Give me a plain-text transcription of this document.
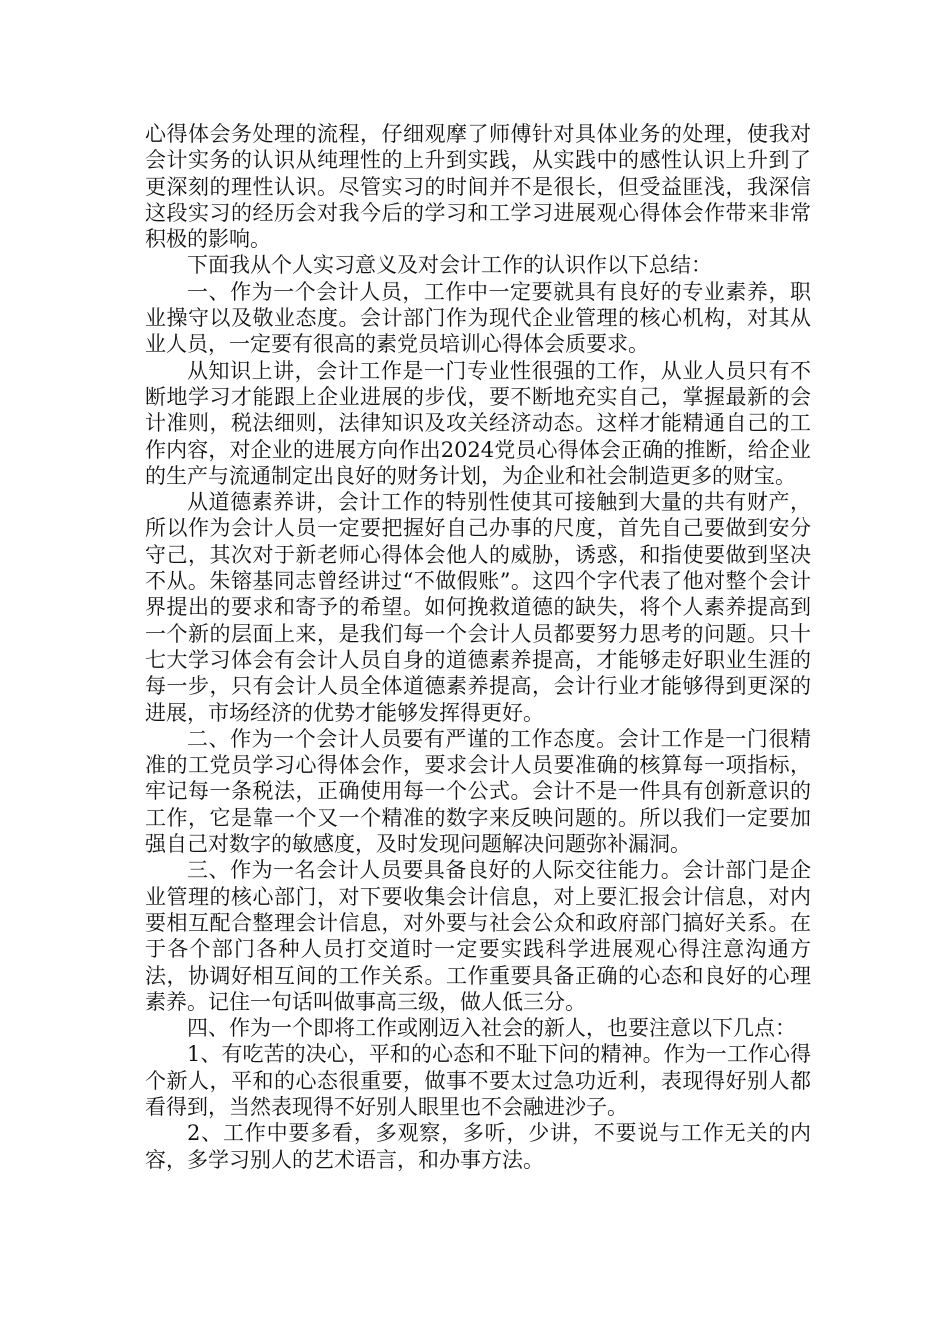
心得体会务处理的流程，仔细观摩了师傅针对具体业务的处理，使我对会计实务的认识从纯理性的上升到实践，从实践中的感性认识上升到了更深刻的理性认识。尽管实习的时间并不是很长，但受益匪浅，我深信这段实习的经历会对我今后的学习和工学习进展观心得体会作带来非常积极的影响。

下面我从个人实习意义及对会计工作的认识作以下总结：

一、作为一个会计人员，工作中一定要就具有良好的专业素养，职业操守以及敬业态度。会计部门作为现代企业管理的核心机构，对其从业人员，一定要有很高的素党员培训心得体会质要求。

从知识上讲，会计工作是一门专业性很强的工作，从业人员只有不断地学习才能跟上企业进展的步伐，要不断地充实自己，掌握最新的会计准则，税法细则，法律知识及攻关经济动态。这样才能精通自己的工作内容，对企业的进展方向作出2024党员心得体会正确的推断，给企业的生产与流通制定出良好的财务计划，为企业和社会制造更多的财宝。

从道德素养讲，会计工作的特别性使其可接触到大量的共有财产，所以作为会计人员一定要把握好自己办事的尺度，首先自己要做到安分守己，其次对于新老师心得体会他人的威胁，诱惑，和指使要做到坚决不从。朱镕基同志曾经讲过“不做假账”。这四个字代表了他对整个会计界提出的要求和寄予的希望。如何挽救道德的缺失，将个人素养提高到一个新的层面上来，是我们每一个会计人员都要努力思考的问题。只十七大学习体会有会计人员自身的道德素养提高，才能够走好职业生涯的每一步，只有会计人员全体道德素养提高，会计行业才能够得到更深的进展，市场经济的优势才能够发挥得更好。

二、作为一个会计人员要有严谨的工作态度。会计工作是一门很精准的工党员学习心得体会作，要求会计人员要准确的核算每一项指标，牢记每一条税法，正确使用每一个公式。会计不是一件具有创新意识的工作，它是靠一个又一个精准的数字来反映问题的。所以我们一定要加强自己对数字的敏感度，及时发现问题解决问题弥补漏洞。

三、作为一名会计人员要具备良好的人际交往能力。会计部门是企业管理的核心部门，对下要收集会计信息，对上要汇报会计信息，对内要相互配合整理会计信息，对外要与社会公众和政府部门搞好关系。在于各个部门各种人员打交道时一定要实践科学进展观心得注意沟通方法，协调好相互间的工作关系。工作重要具备正确的心态和良好的心理素养。记住一句话叫做事高三级，做人低三分。

四、作为一个即将工作或刚迈入社会的新人，也要注意以下几点：

1、有吃苦的决心，平和的心态和不耻下问的精神。作为一工作心得个新人，平和的心态很重要，做事不要太过急功近利，表现得好别人都看得到，当然表现得不好别人眼里也不会融进沙子。

2、工作中要多看，多观察，多听，少讲，不要说与工作无关的内容，多学习别人的艺术语言，和办事方法。
